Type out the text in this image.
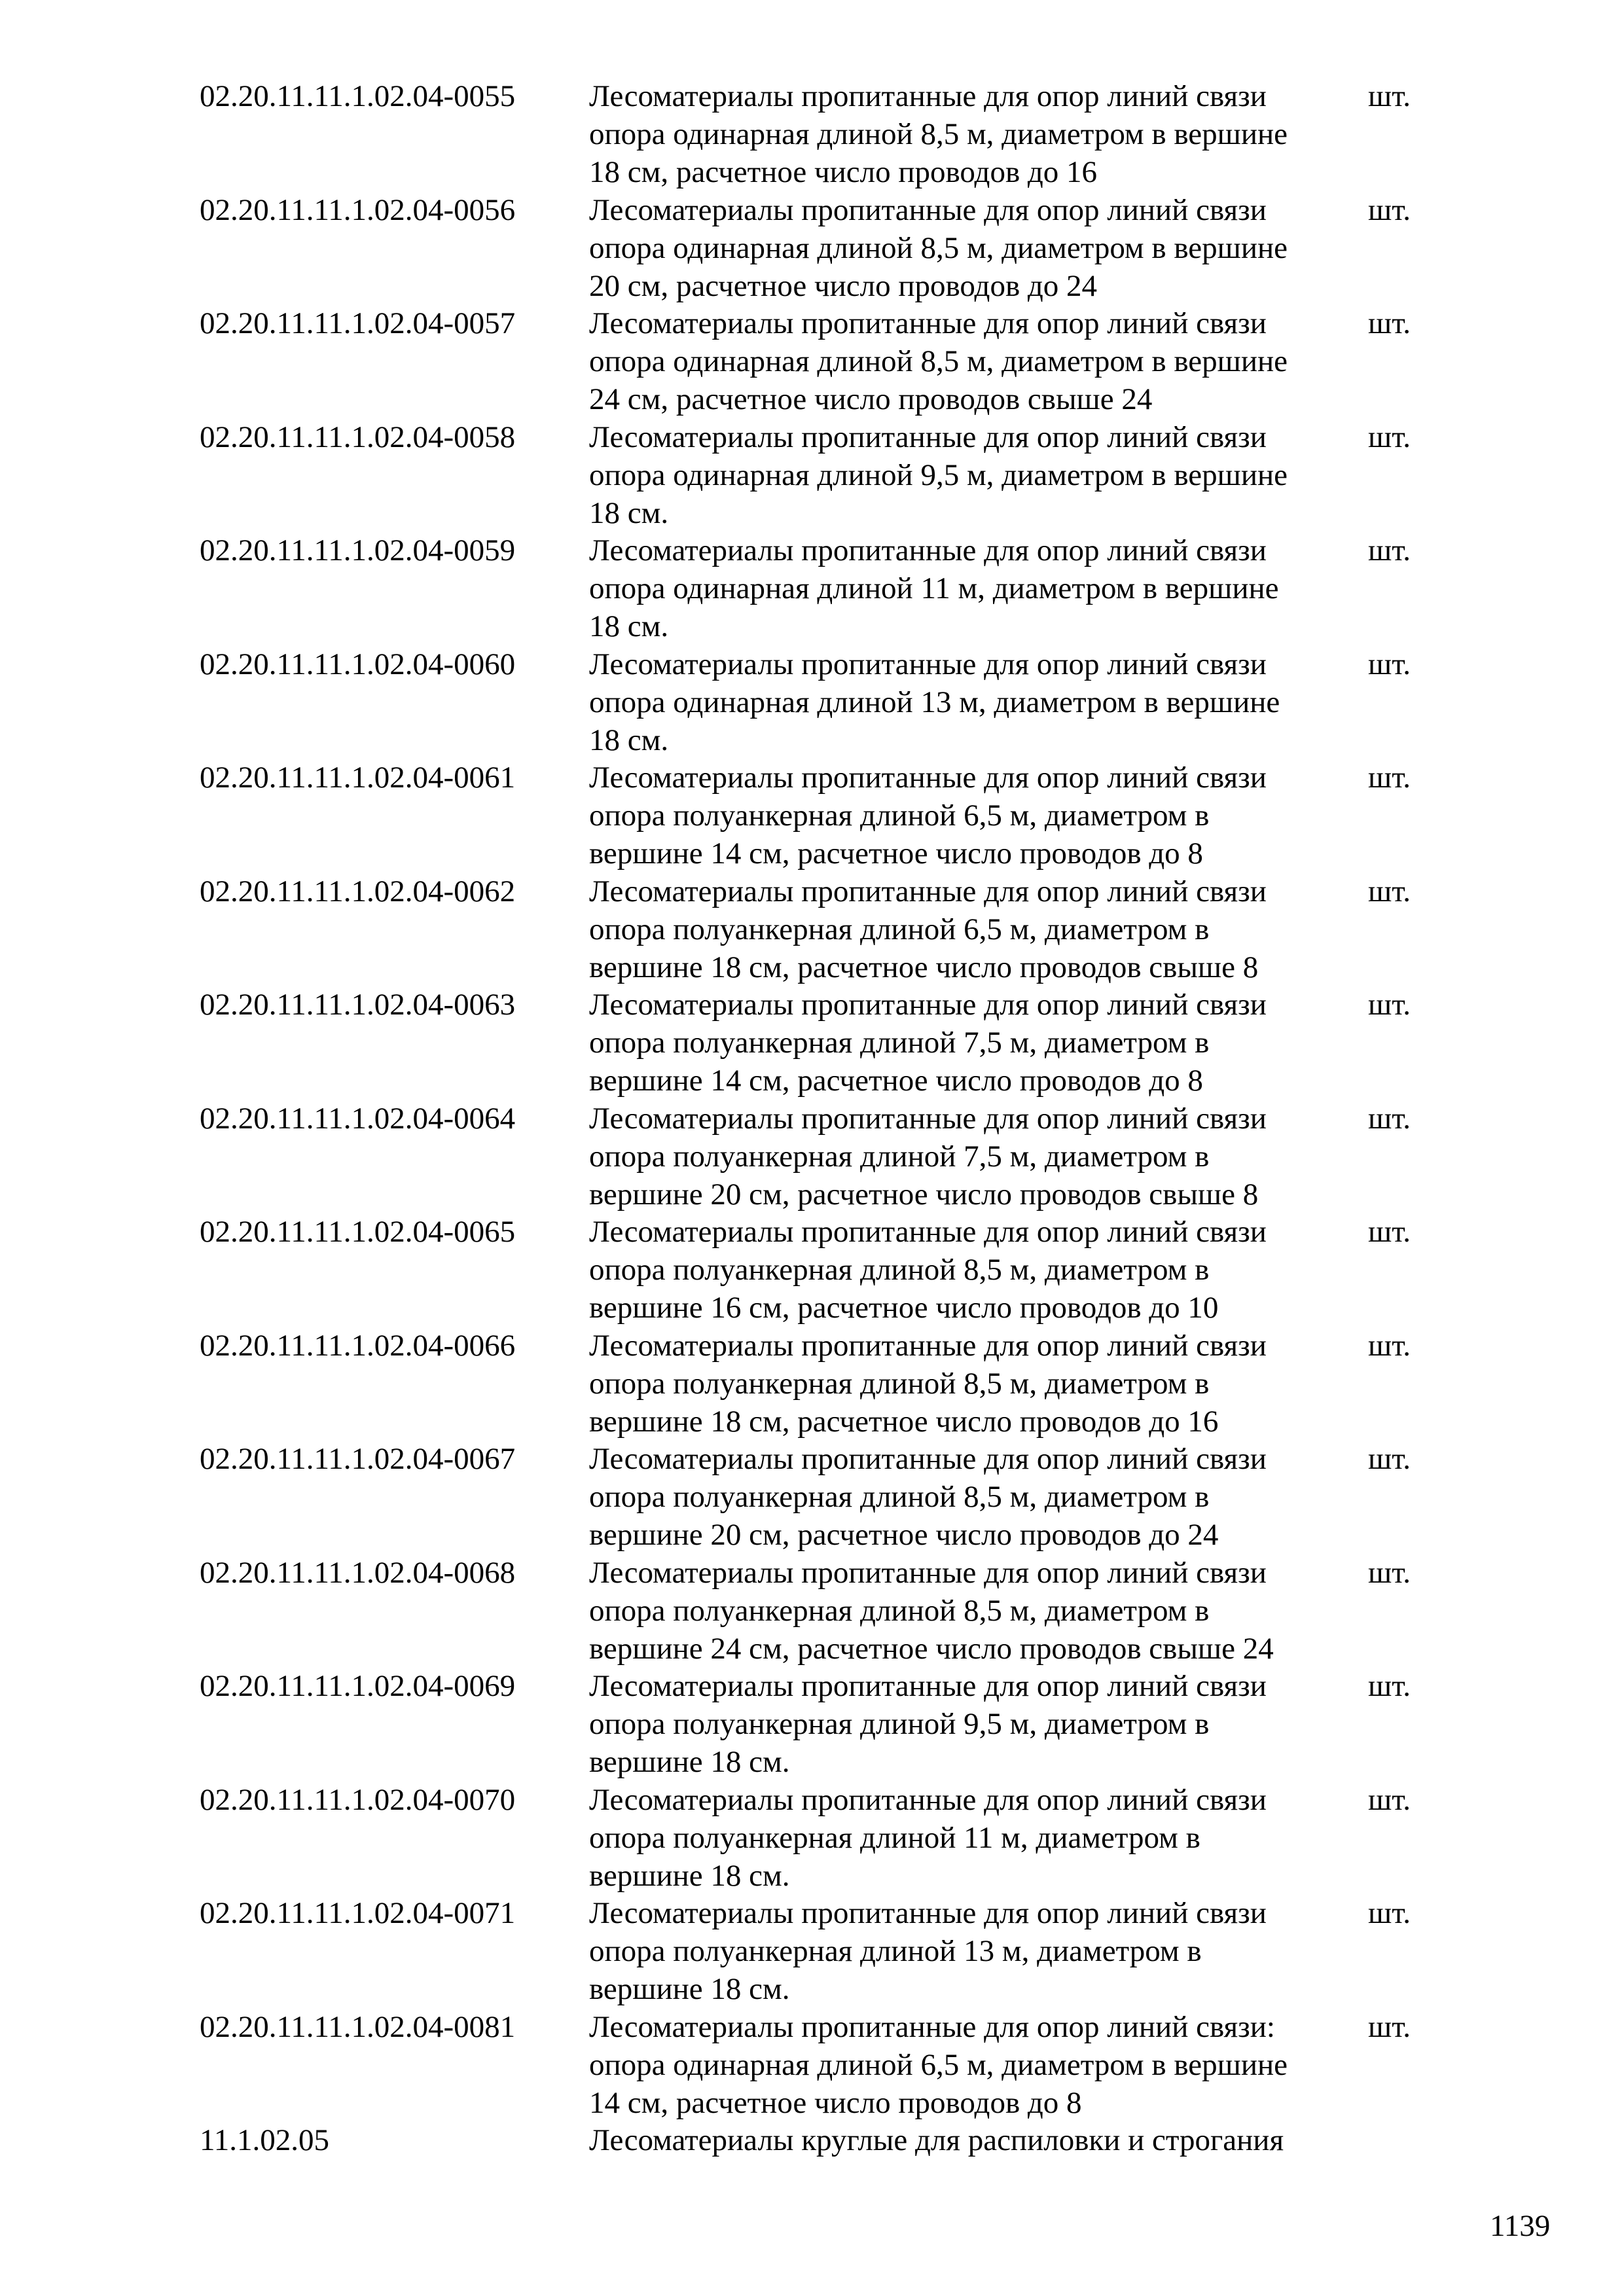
02.20.11.11.1.02.04-0055	Лесоматериалы пропитанные для опор линий связи
опора одинарная длиной 8,5 м, диаметром в вершине
18 см, расчетное число проводов до 16
шт.
02.20.11.11.1.02.04-0056	Лесоматериалы пропитанные для опор линий связи
опора одинарная длиной 8,5 м, диаметром в вершине
20 см, расчетное число проводов до 24
шт.
02.20.11.11.1.02.04-0057	Лесоматериалы пропитанные для опор линий связи
опора одинарная длиной 8,5 м, диаметром в вершине
24 см, расчетное число проводов свыше 24
шт.
02.20.11.11.1.02.04-0058	Лесоматериалы пропитанные для опор линий связи
опора одинарная длиной 9,5 м, диаметром в вершине
18 см.
шт.
02.20.11.11.1.02.04-0059	Лесоматериалы пропитанные для опор линий связи
опора одинарная длиной 11 м, диаметром в вершине
18 см.
шт.
02.20.11.11.1.02.04-0060	Лесоматериалы пропитанные для опор линий связи
опора одинарная длиной 13 м, диаметром в вершине
18 см.
шт.
02.20.11.11.1.02.04-0061	Лесоматериалы пропитанные для опор линий связи
опора полуанкерная длиной 6,5 м, диаметром в
вершине 14 см, расчетное число проводов до 8
шт.
02.20.11.11.1.02.04-0062	Лесоматериалы пропитанные для опор линий связи
опора полуанкерная длиной 6,5 м, диаметром в
вершине 18 см, расчетное число проводов свыше 8
шт.
02.20.11.11.1.02.04-0063	Лесоматериалы пропитанные для опор линий связи
опора полуанкерная длиной 7,5 м, диаметром в
вершине 14 см, расчетное число проводов до 8
шт.
02.20.11.11.1.02.04-0064	Лесоматериалы пропитанные для опор линий связи
опора полуанкерная длиной 7,5 м, диаметром в
вершине 20 см, расчетное число проводов свыше 8
шт.
02.20.11.11.1.02.04-0065	Лесоматериалы пропитанные для опор линий связи
опора полуанкерная длиной 8,5 м, диаметром в
вершине 16 см, расчетное число проводов до 10
шт.
02.20.11.11.1.02.04-0066	Лесоматериалы пропитанные для опор линий связи
опора полуанкерная длиной 8,5 м, диаметром в
вершине 18 см, расчетное число проводов до 16
шт.
02.20.11.11.1.02.04-0067	Лесоматериалы пропитанные для опор линий связи
опора полуанкерная длиной 8,5 м, диаметром в
вершине 20 см, расчетное число проводов до 24
шт.
02.20.11.11.1.02.04-0068	Лесоматериалы пропитанные для опор линий связи
опора полуанкерная длиной 8,5 м, диаметром в
вершине 24 см, расчетное число проводов свыше 24
шт.
02.20.11.11.1.02.04-0069	Лесоматериалы пропитанные для опор линий связи
опора полуанкерная длиной 9,5 м, диаметром в
вершине 18 см.
шт.
02.20.11.11.1.02.04-0070	Лесоматериалы пропитанные для опор линий связи
опора полуанкерная длиной 11 м, диаметром в
вершине 18 см.
шт.
02.20.11.11.1.02.04-0071	Лесоматериалы пропитанные для опор линий связи
опора полуанкерная длиной 13 м, диаметром в
вершине 18 см.
шт.
02.20.11.11.1.02.04-0081	Лесоматериалы пропитанные для опор линий связи:
опора одинарная длиной 6,5 м, диаметром в вершине
14 см, расчетное число проводов до 8
шт.
11.1.02.05	Лесоматериалы круглые для распиловки и строгания
1139
